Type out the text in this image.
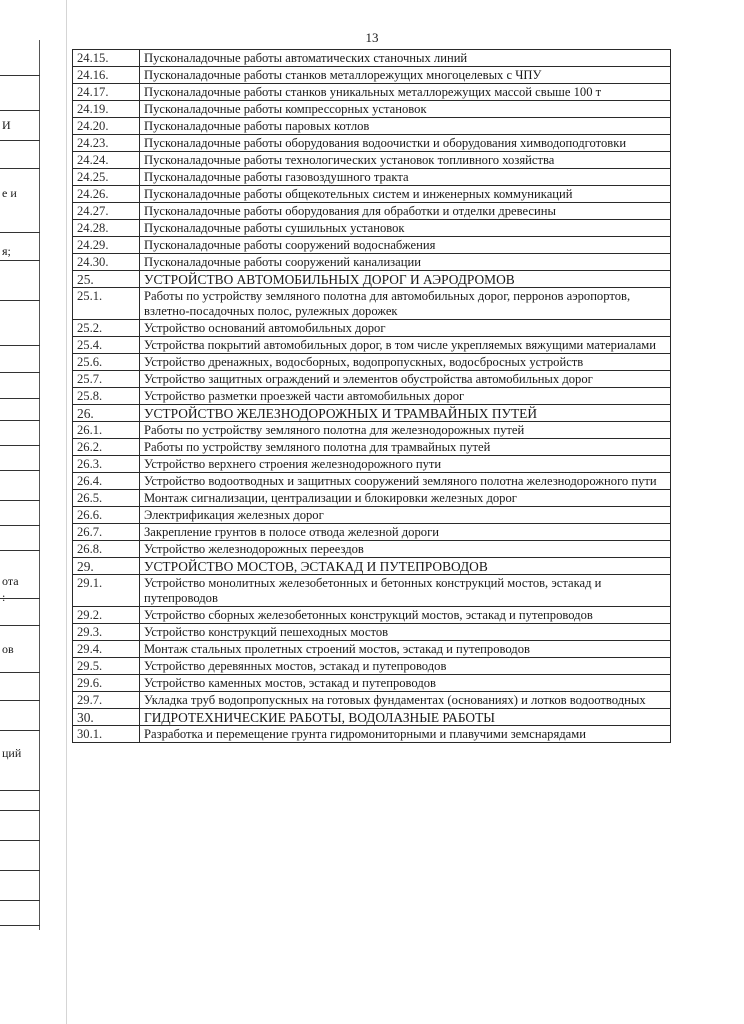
13
И
е и
я;
ота
:
ов
ций
24.15.	Пусконаладочные работы автоматических станочных линий
24.16.	Пусконаладочные работы станков металлорежущих многоцелевых с ЧПУ
24.17.	Пусконаладочные работы станков уникальных металлорежущих массой свыше 100 т
24.19.	Пусконаладочные работы компрессорных установок
24.20.	Пусконаладочные работы паровых котлов
24.23.	Пусконаладочные работы оборудования водоочистки и оборудования химводоподготовки
24.24.	Пусконаладочные работы технологических установок топливного хозяйства
24.25.	Пусконаладочные работы газовоздушного тракта
24.26.	Пусконаладочные работы общекотельных систем и инженерных коммуникаций
24.27.	Пусконаладочные работы оборудования для обработки и отделки древесины
24.28.	Пусконаладочные работы сушильных установок
24.29.	Пусконаладочные работы сооружений водоснабжения
24.30.	Пусконаладочные работы сооружений канализации
25.	УСТРОЙСТВО АВТОМОБИЛЬНЫХ ДОРОГ И АЭРОДРОМОВ
25.1.	Работы по устройству земляного полотна для автомобильных дорог, перронов аэропортов, взлетно-посадочных полос, рулежных дорожек
25.2.	Устройство оснований автомобильных дорог
25.4.	Устройства покрытий автомобильных дорог, в том числе укрепляемых вяжущими материалами
25.6.	Устройство дренажных, водосборных, водопропускных, водосбросных устройств
25.7.	Устройство защитных ограждений и элементов обустройства автомобильных дорог
25.8.	Устройство разметки проезжей части автомобильных дорог
26.	УСТРОЙСТВО ЖЕЛЕЗНОДОРОЖНЫХ И ТРАМВАЙНЫХ ПУТЕЙ
26.1.	Работы по устройству земляного полотна для железнодорожных путей
26.2.	Работы по устройству земляного полотна для трамвайных путей
26.3.	Устройство верхнего строения железнодорожного пути
26.4.	Устройство водоотводных и защитных сооружений земляного полотна железнодорожного пути
26.5.	Монтаж сигнализации, централизации и блокировки железных дорог
26.6.	Электрификация железных дорог
26.7.	Закрепление грунтов в полосе отвода железной дороги
26.8.	Устройство железнодорожных переездов
29.	УСТРОЙСТВО МОСТОВ, ЭСТАКАД И ПУТЕПРОВОДОВ
29.1.	Устройство монолитных железобетонных и бетонных конструкций мостов, эстакад и путепроводов
29.2.	Устройство сборных железобетонных конструкций мостов, эстакад и путепроводов
29.3.	Устройство конструкций пешеходных мостов
29.4.	Монтаж стальных пролетных строений мостов, эстакад и путепроводов
29.5.	Устройство деревянных мостов, эстакад и путепроводов
29.6.	Устройство каменных мостов, эстакад и путепроводов
29.7.	Укладка труб водопропускных на готовых фундаментах (основаниях) и лотков водоотводных
30.	ГИДРОТЕХНИЧЕСКИЕ РАБОТЫ, ВОДОЛАЗНЫЕ РАБОТЫ
30.1.	Разработка и перемещение грунта гидромониторными и плавучими земснарядами
